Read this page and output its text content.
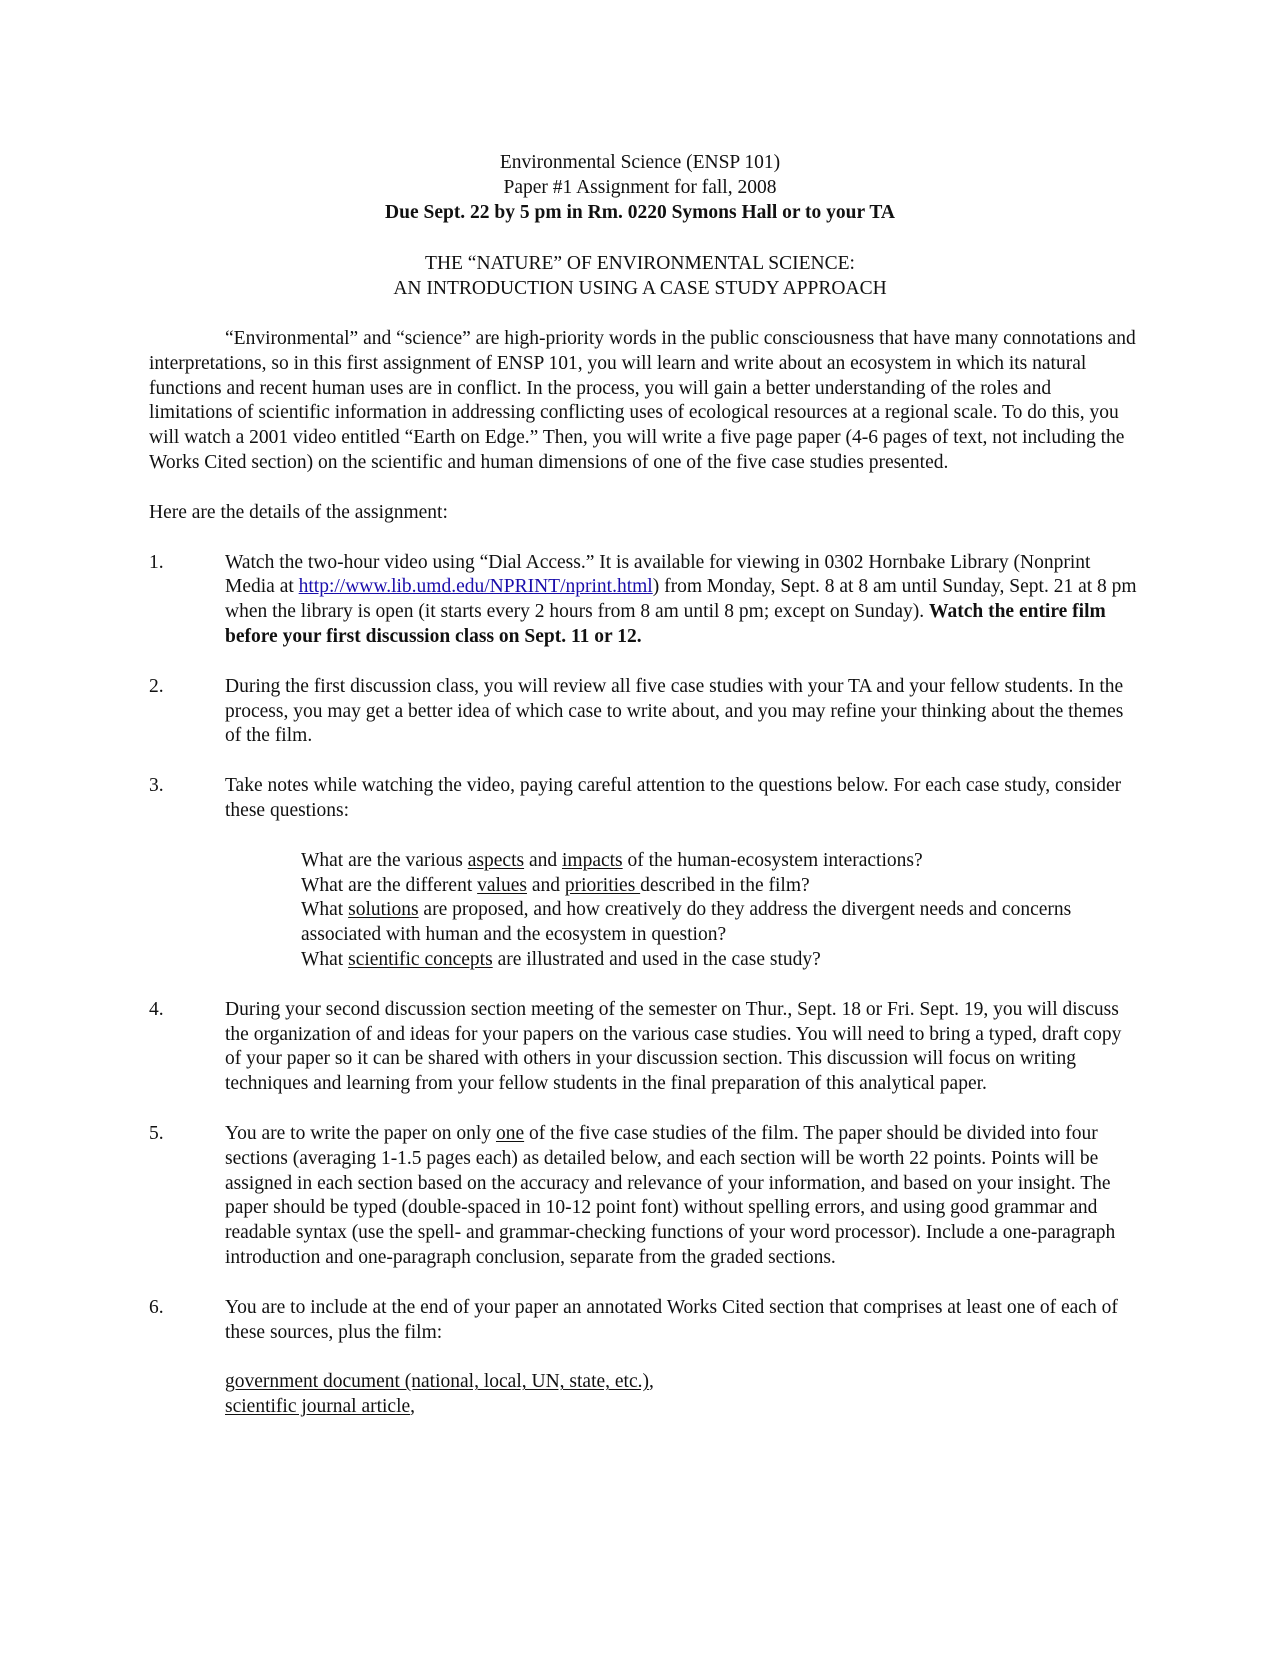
Environmental Science (ENSP 101)
Paper #1 Assignment for fall, 2008
Due Sept. 22 by 5 pm in Rm. 0220 Symons Hall or to your TA
THE “NATURE” OF ENVIRONMENTAL SCIENCE:
AN INTRODUCTION USING A CASE STUDY APPROACH

“Environmental” and “science” are high-priority words in the public consciousness that have many connotations and interpretations, so in this first assignment of ENSP 101, you will learn and write about an ecosystem in which its natural functions and recent human uses are in conflict. In the process, you will gain a better understanding of the roles and limitations of scientific information in addressing conflicting uses of ecological resources at a regional scale. To do this, you will watch a 2001 video entitled “Earth on Edge.” Then, you will write a five page paper (4-6 pages of text, not including the Works Cited section) on the scientific and human dimensions of one of the five case studies presented.

Here are the details of the assignment:

1.	Watch the two-hour video using “Dial Access.” It is available for viewing in 0302 Hornbake Library (Nonprint Media at http://www.lib.umd.edu/NPRINT/nprint.html) from Monday, Sept. 8 at 8 am until Sunday, Sept. 21 at 8 pm when the library is open (it starts every 2 hours from 8 am until 8 pm; except on Sunday). Watch the entire film before your first discussion class on Sept. 11 or 12.
2.	During the first discussion class, you will review all five case studies with your TA and your fellow students. In the process, you may get a better idea of which case to write about, and you may refine your thinking about the themes of the film.
3.	Take notes while watching the video, paying careful attention to the questions below. For each case study, consider these questions:
What are the various aspects and impacts of the human-ecosystem interactions?
What are the different values and priorities described in the film?
What solutions are proposed, and how creatively do they address the divergent needs and concerns associated with human and the ecosystem in question?
What scientific concepts are illustrated and used in the case study?
4.	During your second discussion section meeting of the semester on Thur., Sept. 18 or Fri. Sept. 19, you will discuss the organization of and ideas for your papers on the various case studies. You will need to bring a typed, draft copy of your paper so it can be shared with others in your discussion section. This discussion will focus on writing techniques and learning from your fellow students in the final preparation of this analytical paper.
5.	You are to write the paper on only one of the five case studies of the film. The paper should be divided into four sections (averaging 1-1.5 pages each) as detailed below, and each section will be worth 22 points. Points will be assigned in each section based on the accuracy and relevance of your information, and based on your insight. The paper should be typed (double-spaced in 10-12 point font) without spelling errors, and using good grammar and readable syntax (use the spell- and grammar-checking functions of your word processor). Include a one-paragraph introduction and one-paragraph conclusion, separate from the graded sections.
6.	You are to include at the end of your paper an annotated Works Cited section that comprises at least one of each of these sources, plus the film:
government document (national, local, UN, state, etc.),
scientific journal article,
